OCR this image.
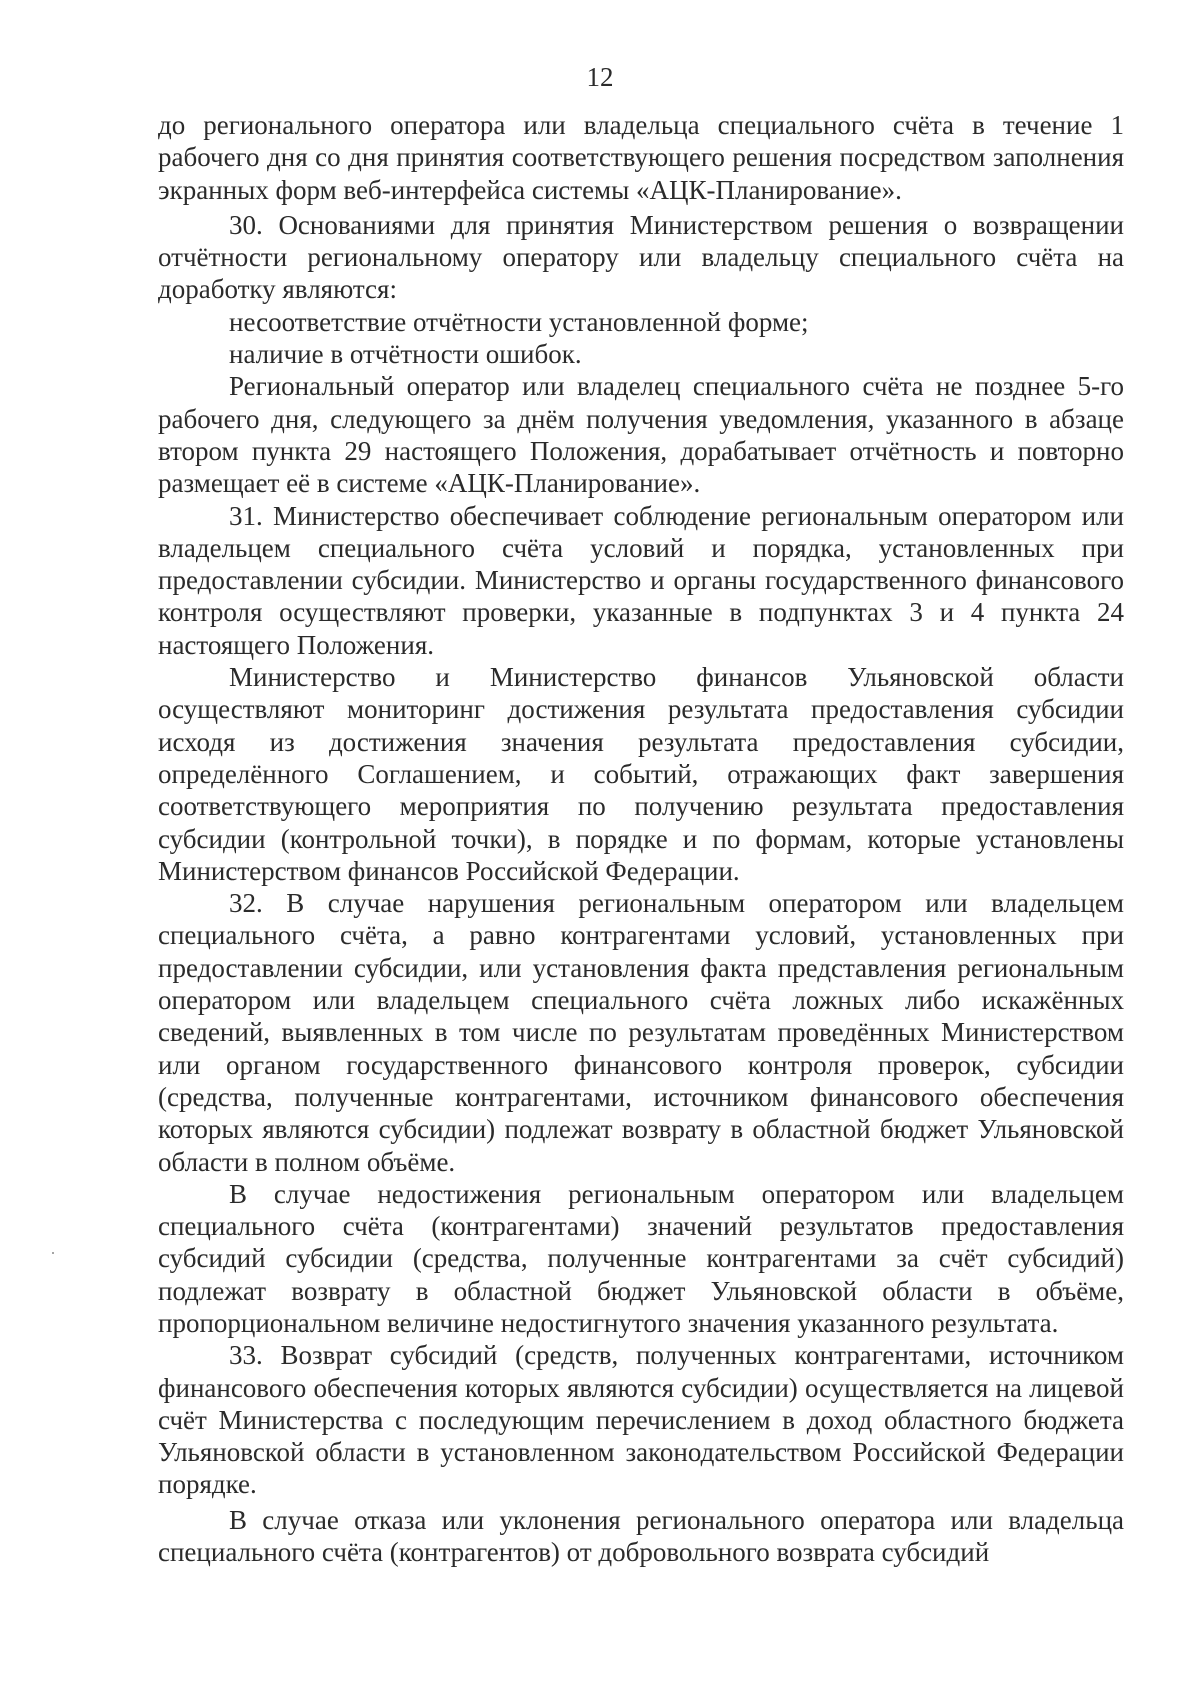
12

до регионального оператора или владельца специального счёта в течение 1 рабочего дня со дня принятия соответствующего решения посредством заполнения экранных форм веб-интерфейса системы «АЦК-Планирование».

30. Основаниями для принятия Министерством решения о возвращении отчётности региональному оператору или владельцу специального счёта на доработку являются:

несоответствие отчётности установленной форме;

наличие в отчётности ошибок.

Региональный оператор или владелец специального счёта не позднее 5-го рабочего дня, следующего за днём получения уведомления, указанного в абзаце втором пункта 29 настоящего Положения, дорабатывает отчётность и повторно размещает её в системе «АЦК-Планирование».

31. Министерство обеспечивает соблюдение региональным оператором или владельцем специального счёта условий и порядка, установленных при предоставлении субсидии. Министерство и органы государственного финансового контроля осуществляют проверки, указанные в подпунктах 3 и 4 пункта 24 настоящего Положения.

Министерство и Министерство финансов Ульяновской области осуществляют мониторинг достижения результата предоставления субсидии исходя из достижения значения результата предоставления субсидии, определённого Соглашением, и событий, отражающих факт завершения соответствующего мероприятия по получению результата предоставления субсидии (контрольной точки), в порядке и по формам, которые установлены Министерством финансов Российской Федерации.

32. В случае нарушения региональным оператором или владельцем специального счёта, а равно контрагентами условий, установленных при предоставлении субсидии, или установления факта представления региональным оператором или владельцем специального счёта ложных либо искажённых сведений, выявленных в том числе по результатам проведённых Министерством или органом государственного финансового контроля проверок, субсидии (средства, полученные контрагентами, источником финансового обеспечения которых являются субсидии) подлежат возврату в областной бюджет Ульяновской области в полном объёме.

В случае недостижения региональным оператором или владельцем специального счёта (контрагентами) значений результатов предоставления субсидий субсидии (средства, полученные контрагентами за счёт субсидий) подлежат возврату в областной бюджет Ульяновской области в объёме, пропорциональном величине недостигнутого значения указанного результата.

33. Возврат субсидий (средств, полученных контрагентами, источником финансового обеспечения которых являются субсидии) осуществляется на лицевой счёт Министерства с последующим перечислением в доход областного бюджета Ульяновской области в установленном законодательством Российской Федерации порядке.

В случае отказа или уклонения регионального оператора или владельца специального счёта (контрагентов) от добровольного возврата субсидий
